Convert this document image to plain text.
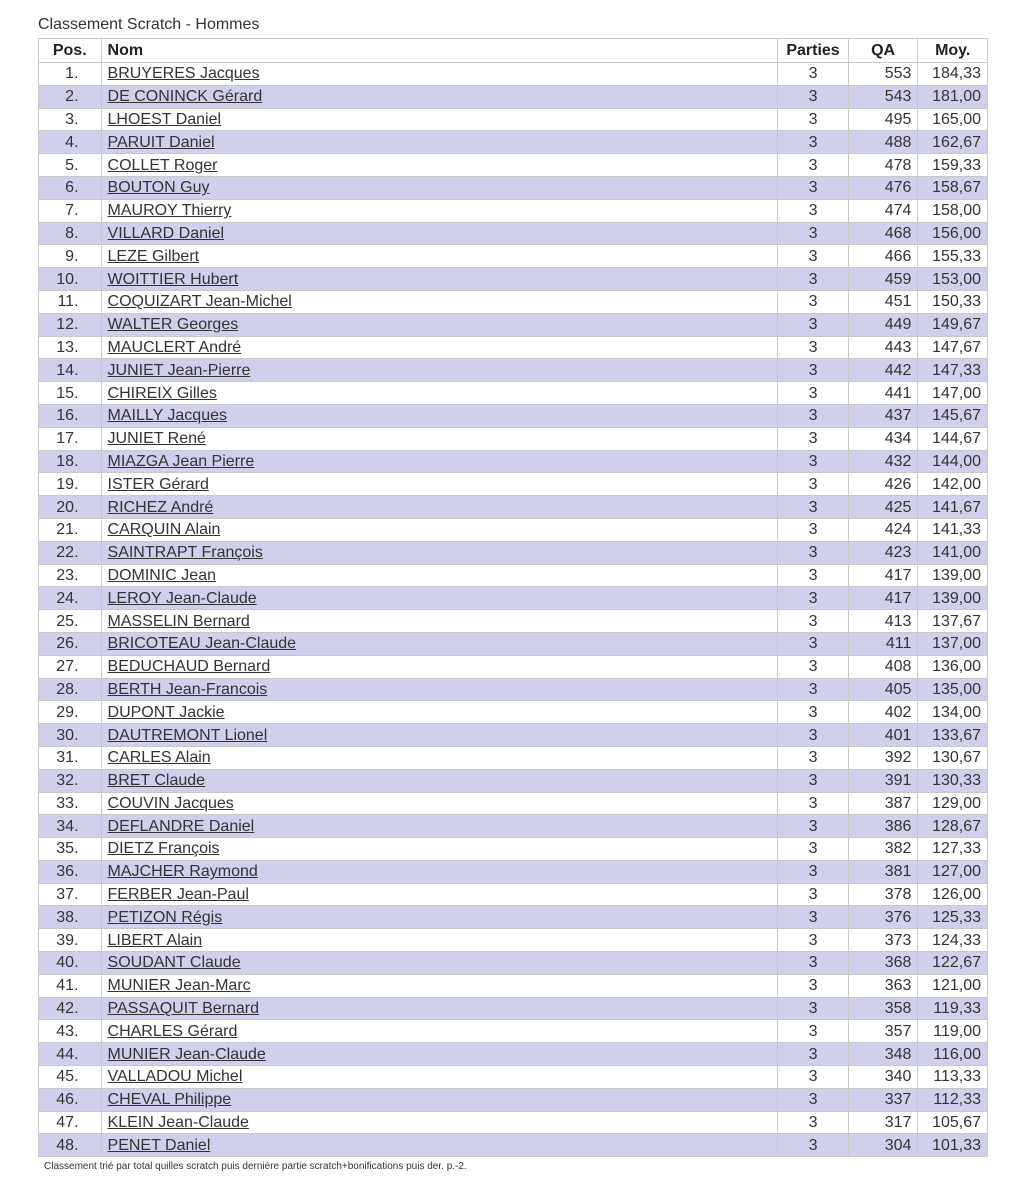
Classement Scratch - Hommes
Pos.	Nom	Parties	QA	Moy.
1.	BRUYERES Jacques	3	553	184,33
2.	DE CONINCK Gérard	3	543	181,00
3.	LHOEST Daniel	3	495	165,00
4.	PARUIT Daniel	3	488	162,67
5.	COLLET Roger	3	478	159,33
6.	BOUTON Guy	3	476	158,67
7.	MAUROY Thierry	3	474	158,00
8.	VILLARD Daniel	3	468	156,00
9.	LEZE Gilbert	3	466	155,33
10.	WOITTIER Hubert	3	459	153,00
11.	COQUIZART Jean-Michel	3	451	150,33
12.	WALTER Georges	3	449	149,67
13.	MAUCLERT André	3	443	147,67
14.	JUNIET Jean-Pierre	3	442	147,33
15.	CHIREIX Gilles	3	441	147,00
16.	MAILLY Jacques	3	437	145,67
17.	JUNIET René	3	434	144,67
18.	MIAZGA Jean Pierre	3	432	144,00
19.	ISTER Gérard	3	426	142,00
20.	RICHEZ André	3	425	141,67
21.	CARQUIN Alain	3	424	141,33
22.	SAINTRAPT François	3	423	141,00
23.	DOMINIC Jean	3	417	139,00
24.	LEROY Jean-Claude	3	417	139,00
25.	MASSELIN Bernard	3	413	137,67
26.	BRICOTEAU Jean-Claude	3	411	137,00
27.	BEDUCHAUD Bernard	3	408	136,00
28.	BERTH Jean-Francois	3	405	135,00
29.	DUPONT Jackie	3	402	134,00
30.	DAUTREMONT Lionel	3	401	133,67
31.	CARLES Alain	3	392	130,67
32.	BRET Claude	3	391	130,33
33.	COUVIN Jacques	3	387	129,00
34.	DEFLANDRE Daniel	3	386	128,67
35.	DIETZ François	3	382	127,33
36.	MAJCHER Raymond	3	381	127,00
37.	FERBER Jean-Paul	3	378	126,00
38.	PETIZON Régis	3	376	125,33
39.	LIBERT Alain	3	373	124,33
40.	SOUDANT Claude	3	368	122,67
41.	MUNIER Jean-Marc	3	363	121,00
42.	PASSAQUIT Bernard	3	358	119,33
43.	CHARLES Gérard	3	357	119,00
44.	MUNIER Jean-Claude	3	348	116,00
45.	VALLADOU Michel	3	340	113,33
46.	CHEVAL Philippe	3	337	112,33
47.	KLEIN Jean-Claude	3	317	105,67
48.	PENET Daniel	3	304	101,33
Classement trié par total quilles scratch puis dernière partie scratch+bonifications puis der. p.-2.
